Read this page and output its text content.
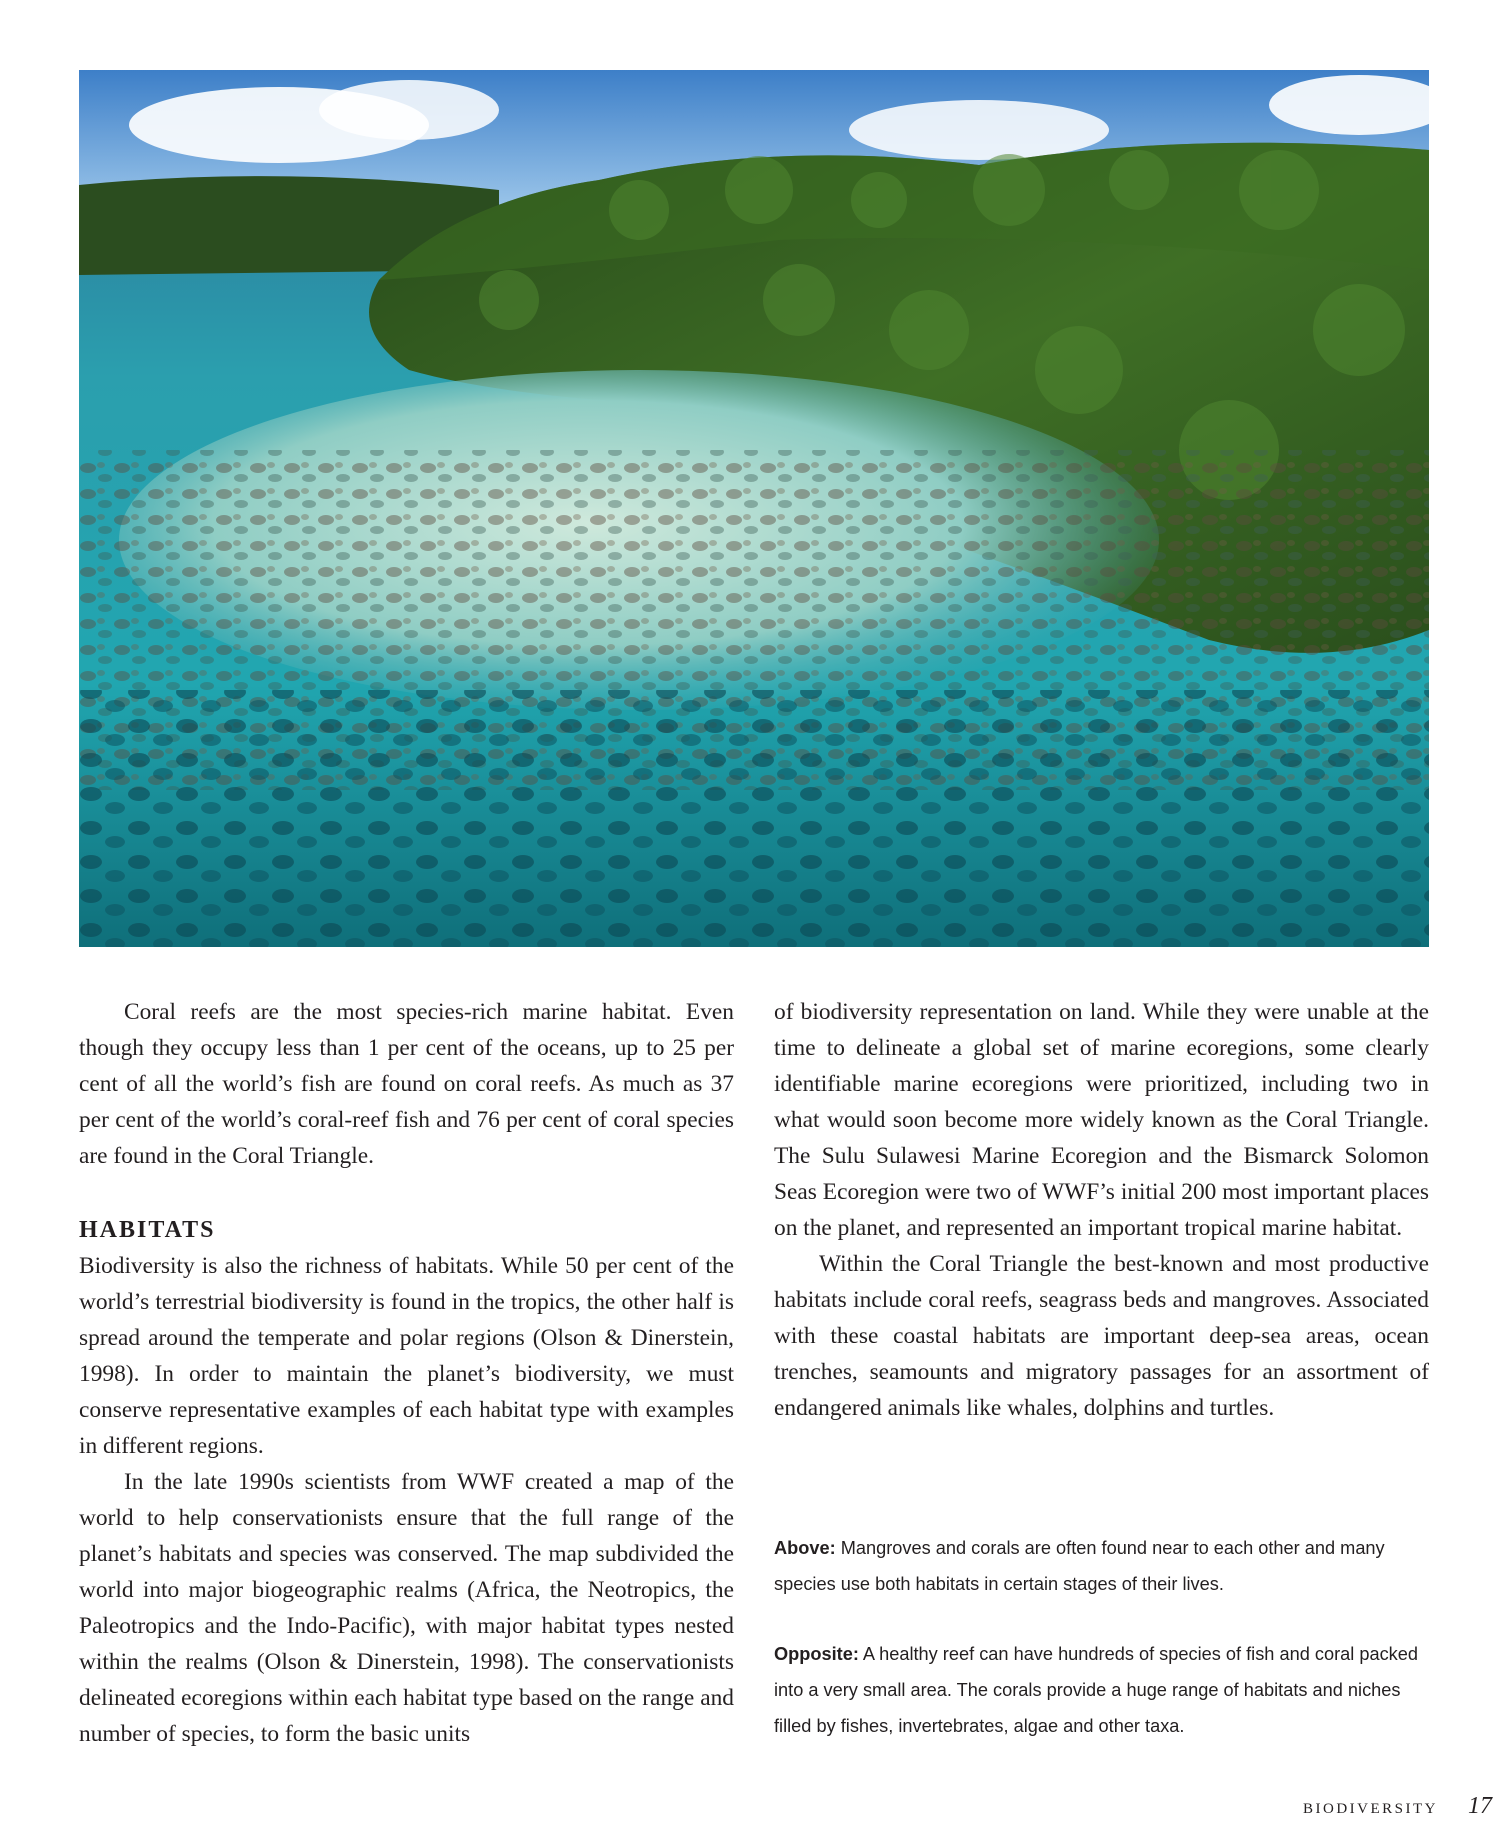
Coral reefs are the most species-rich marine habitat. Even though they occupy less than 1 per cent of the oceans, up to 25 per cent of all the world’s fish are found on coral reefs. As much as 37 per cent of the world’s coral-reef fish and 76 per cent of coral species are found in the Coral Triangle.

HABITATS

Biodiversity is also the richness of habitats. While 50 per cent of the world’s terrestrial biodiversity is found in the tropics, the other half is spread around the temperate and polar regions (Olson & Dinerstein, 1998). In order to maintain the planet’s biodiversity, we must conserve representative examples of each habitat type with examples in different regions.

In the late 1990s scientists from WWF created a map of the world to help conservationists ensure that the full range of the planet’s habitats and species was conserved. The map subdivided the world into major biogeographic realms (Africa, the Neotropics, the Paleotropics and the Indo-Pacific), with major habitat types nested within the realms (Olson & Dinerstein, 1998). The conservationists delineated ecoregions within each habitat type based on the range and number of species, to form the basic units

of biodiversity representation on land. While they were unable at the time to delineate a global set of marine ecoregions, some clearly identifiable marine ecoregions were prioritized, including two in what would soon become more widely known as the Coral Triangle. The Sulu Sulawesi Marine Ecoregion and the Bismarck Solomon Seas Ecoregion were two of WWF’s initial 200 most important places on the planet, and represented an important tropical marine habitat.

Within the Coral Triangle the best-known and most productive habitats include coral reefs, seagrass beds and mangroves. Associated with these coastal habitats are important deep-sea areas, ocean trenches, seamounts and migratory passages for an assortment of endangered animals like whales, dolphins and turtles.

Above: Mangroves and corals are often found near to each other and many species use both habitats in certain stages of their lives.

Opposite: A healthy reef can have hundreds of species of fish and coral packed into a very small area. The corals provide a huge range of habitats and niches filled by fishes, invertebrates, algae and other taxa.

BIODIVERSITY 17
